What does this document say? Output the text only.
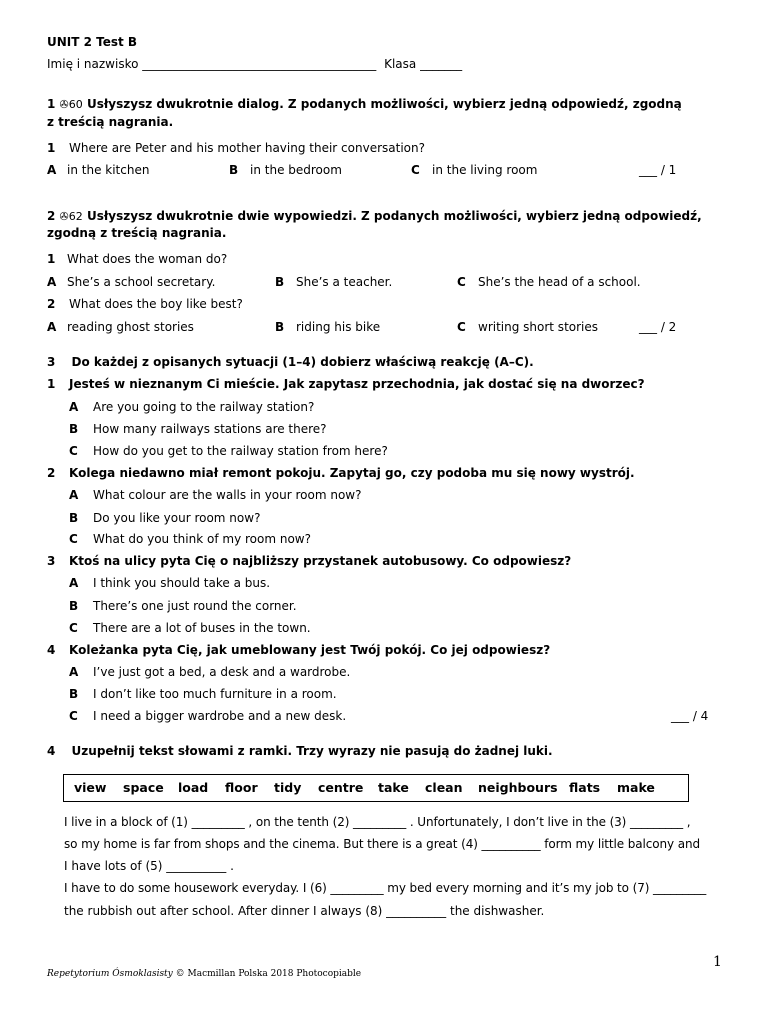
UNIT 2 Test B
Imię i nazwisko _______________________________________ Klasa _______
1 ✇60 Usłyszysz dwukrotnie dialog. Z podanych możliwości, wybierz jedną odpowiedź, zgodną
z treścią nagrania.
1 Where are Peter and his mother having their conversation?
A in the kitchen	B in the bedroom	C in the living room	___ / 1
2 ✇62 Usłyszysz dwukrotnie dwie wypowiedzi. Z podanych możliwości, wybierz jedną odpowiedź,
zgodną z treścią nagrania.
1 What does the woman do?
A She’s a school secretary.	B She’s a teacher.	C She’s the head of a school.
2 What does the boy like best?
A reading ghost stories	B riding his bike	C writing short stories	___ / 2
3 Do każdej z opisanych sytuacji (1–4) dobierz właściwą reakcję (A–C).
1 Jesteś w nieznanym Ci mieście. Jak zapytasz przechodnia, jak dostać się na dworzec?
A Are you going to the railway station?
B How many railways stations are there?
C How do you get to the railway station from here?
2 Kolega niedawno miał remont pokoju. Zapytaj go, czy podoba mu się nowy wystrój.
A What colour are the walls in your room now?
B Do you like your room now?
C What do you think of my room now?
3 Ktoś na ulicy pyta Cię o najbliższy przystanek autobusowy. Co odpowiesz?
A I think you should take a bus.
B There’s one just round the corner.
C There are a lot of buses in the town.
4 Koleżanka pyta Cię, jak umeblowany jest Twój pokój. Co jej odpowiesz?
A I’ve just got a bed, a desk and a wardrobe.
B I don’t like too much furniture in a room.
C I need a bigger wardrobe and a new desk.	___ / 4
4 Uzupełnij tekst słowami z ramki. Trzy wyrazy nie pasują do żadnej luki.
view space load floor tidy centre take clean neighbours flats make
I live in a block of (1) _________ , on the tenth (2) _________ . Unfortunately, I don’t live in the (3) _________ ,
so my home is far from shops and the cinema. But there is a great (4) __________ form my little balcony and
I have lots of (5) __________ .
I have to do some housework everyday. I (6) _________ my bed every morning and it’s my job to (7) _________
the rubbish out after school. After dinner I always (8) __________ the dishwasher.
1
Repetytorium Ósmoklasisty © Macmillan Polska 2018 Photocopiable
